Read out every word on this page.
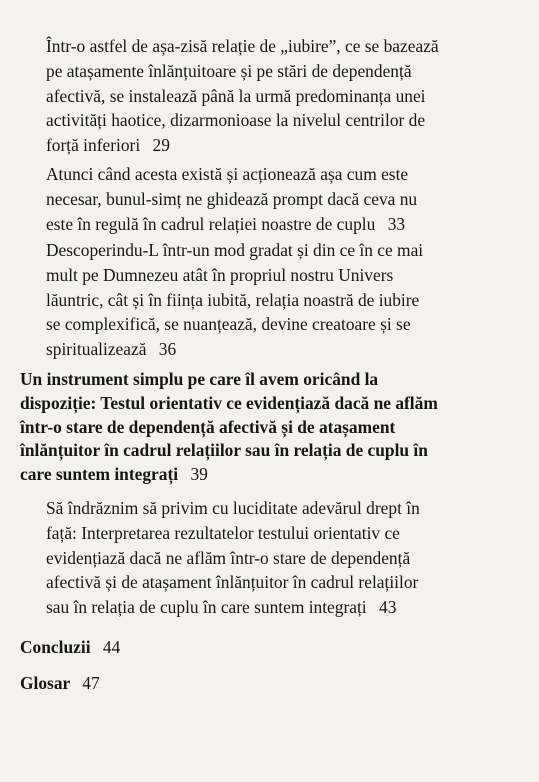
Într-o astfel de așa-zisă relație de „iubire”, ce se bazează
pe atașamente înlănțuitoare și pe stări de dependență
afectivă, se instalează până la urmă predominanța unei
activități haotice, dizarmonioase la nivelul centrilor de
forță inferiori 29
Atunci când acesta există și acționează așa cum este
necesar, bunul-simț ne ghidează prompt dacă ceva nu
este în regulă în cadrul relației noastre de cuplu 33
Descoperindu-L într-un mod gradat și din ce în ce mai
mult pe Dumnezeu atât în propriul nostru Univers
lăuntric, cât și în ființa iubită, relația noastră de iubire
se complexifică, se nuanțează, devine creatoare și se
spiritualizează 36
Un instrument simplu pe care îl avem oricând la
dispoziție: Testul orientativ ce evidențiază dacă ne aflăm
într-o stare de dependență afectivă și de atașament
înlănțuitor în cadrul relațiilor sau în relația de cuplu în
care suntem integrați 39
Să îndrăznim să privim cu luciditate adevărul drept în
față: Interpretarea rezultatelor testului orientativ ce
evidențiază dacă ne aflăm într-o stare de dependență
afectivă și de atașament înlănțuitor în cadrul relațiilor
sau în relația de cuplu în care suntem integrați 43
Concluzii 44
Glosar 47
